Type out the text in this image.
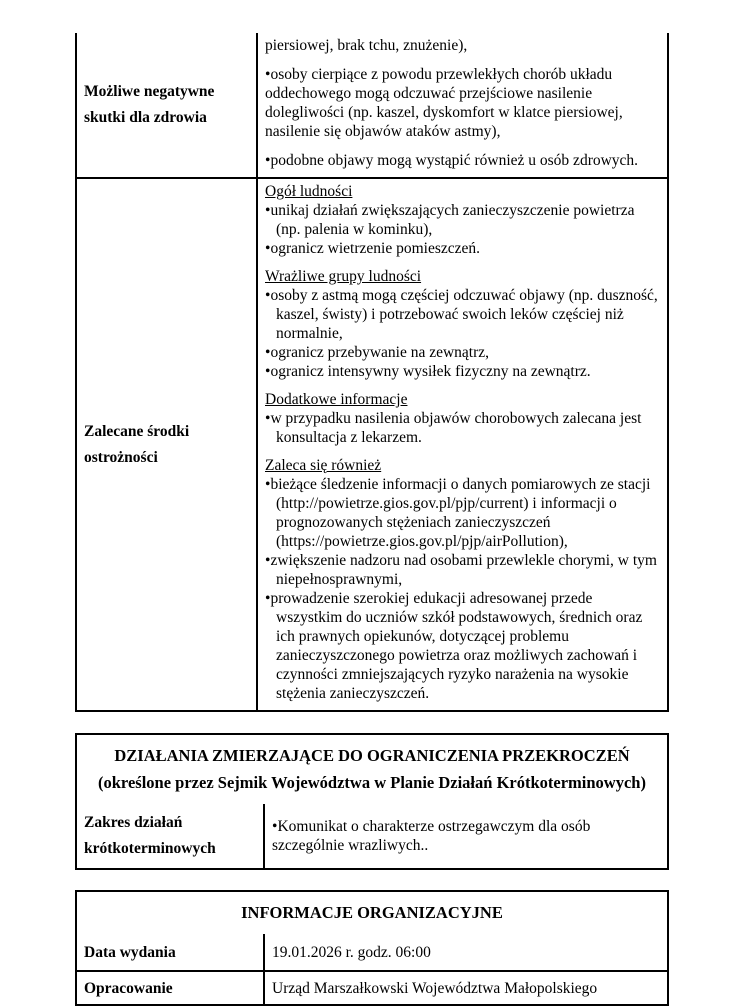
Możliwe negatywne skutki dla zdrowia

piersiowej, brak tchu, znużenie),

• osoby cierpiące z powodu przewlekłych chorób układu oddechowego mogą odczuwać przejściowe nasilenie dolegliwości (np. kaszel, dyskomfort w klatce piersiowej, nasilenie się objawów ataków astmy),

• podobne objawy mogą wystąpić również u osób zdrowych.

Zalecane środki ostrożności
Ogół ludności
• unikaj działań zwiększających zanieczyszczenie powietrza (np. palenia w kominku),
• ogranicz wietrzenie pomieszczeń.
Wrażliwe grupy ludności
• osoby z astmą mogą częściej odczuwać objawy (np. duszność, kaszel, świsty) i potrzebować swoich leków częściej niż normalnie,
• ogranicz przebywanie na zewnątrz,
• ogranicz intensywny wysiłek fizyczny na zewnątrz.
Dodatkowe informacje
• w przypadku nasilenia objawów chorobowych zalecana jest konsultacja z lekarzem.
Zaleca się również
• bieżące śledzenie informacji o danych pomiarowych ze stacji (http://powietrze.gios.gov.pl/pjp/current) i informacji o prognozowanych stężeniach zanieczyszczeń (https://powietrze.gios.gov.pl/pjp/airPollution),
• zwiększenie nadzoru nad osobami przewlekle chorymi, w tym niepełnosprawnymi,
• prowadzenie szerokiej edukacji adresowanej przede wszystkim do uczniów szkół podstawowych, średnich oraz ich prawnych opiekunów, dotyczącej problemu zanieczyszczonego powietrza oraz możliwych zachowań i czynności zmniejszających ryzyko narażenia na wysokie stężenia zanieczyszczeń.
DZIAŁANIA ZMIERZAJĄCE DO OGRANICZENIA PRZEKROCZEŃ
(określone przez Sejmik Województwa w Planie Działań Krótkoterminowych)
Zakres działań krótkoterminowych

• Komunikat o charakterze ostrzegawczym dla osób szczególnie wrazliwych..

INFORMACJE ORGANIZACYJNE
Data wydania	19.01.2026 r. godz. 06:00
Opracowanie	Urząd Marszałkowski Województwa Małopolskiego
